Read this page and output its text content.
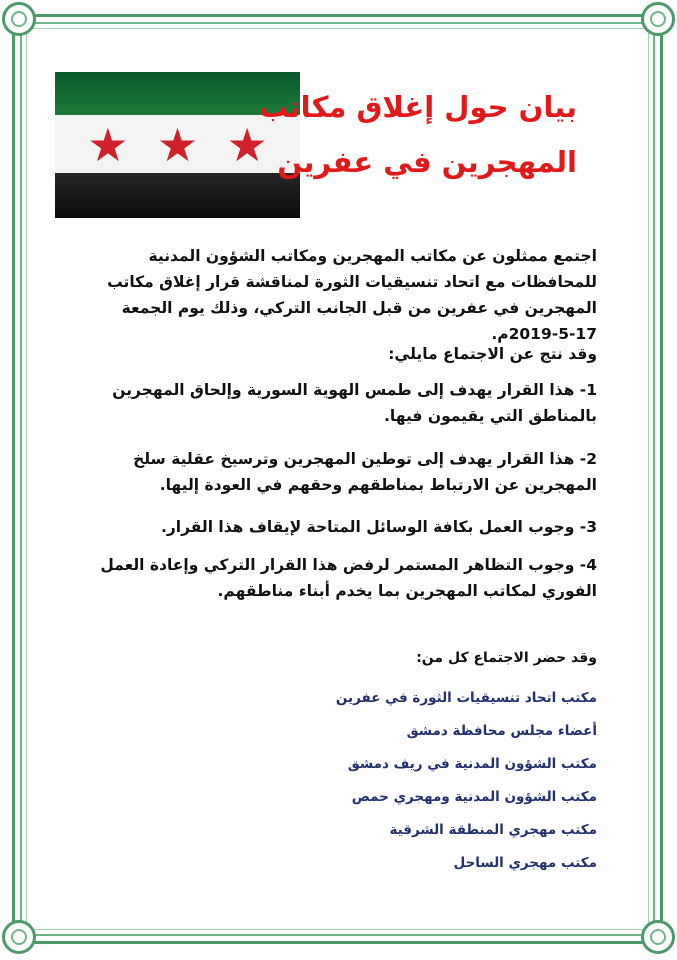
★ ★ ★
بيان حول إغلاق مكاتب
المهجرين في عفرين
اجتمع ممثلون عن مكاتب المهجرين ومكاتب الشؤون المدنية للمحافظات مع اتحاد تنسيقيات الثورة لمناقشة قرار إغلاق مكاتب المهجرين في عفرين من قبل الجانب التركي، وذلك يوم الجمعة 17-5-2019م.
وقد نتج عن الاجتماع مايلي:
1- هذا القرار يهدف إلى طمس الهوية السورية وإلحاق المهجرين بالمناطق التي يقيمون فيها.
2- هذا القرار يهدف إلى توطين المهجرين وترسيخ عقلية سلخ المهجرين عن الارتباط بمناطقهم وحقهم في العودة إليها.
3- وجوب العمل بكافة الوسائل المتاحة لإيقاف هذا القرار.
4- وجوب التظاهر المستمر لرفض هذا القرار التركي وإعادة العمل الفوري لمكاتب المهجرين بما يخدم أبناء مناطقهم.
وقد حضر الاجتماع كل من:
مكتب اتحاد تنسيقيات الثورة في عفرين
أعضاء مجلس محافظة دمشق
مكتب الشؤون المدنية في ريف دمشق
مكتب الشؤون المدنية ومهجري حمص
مكتب مهجري المنطقة الشرقية
مكتب مهجري الساحل
